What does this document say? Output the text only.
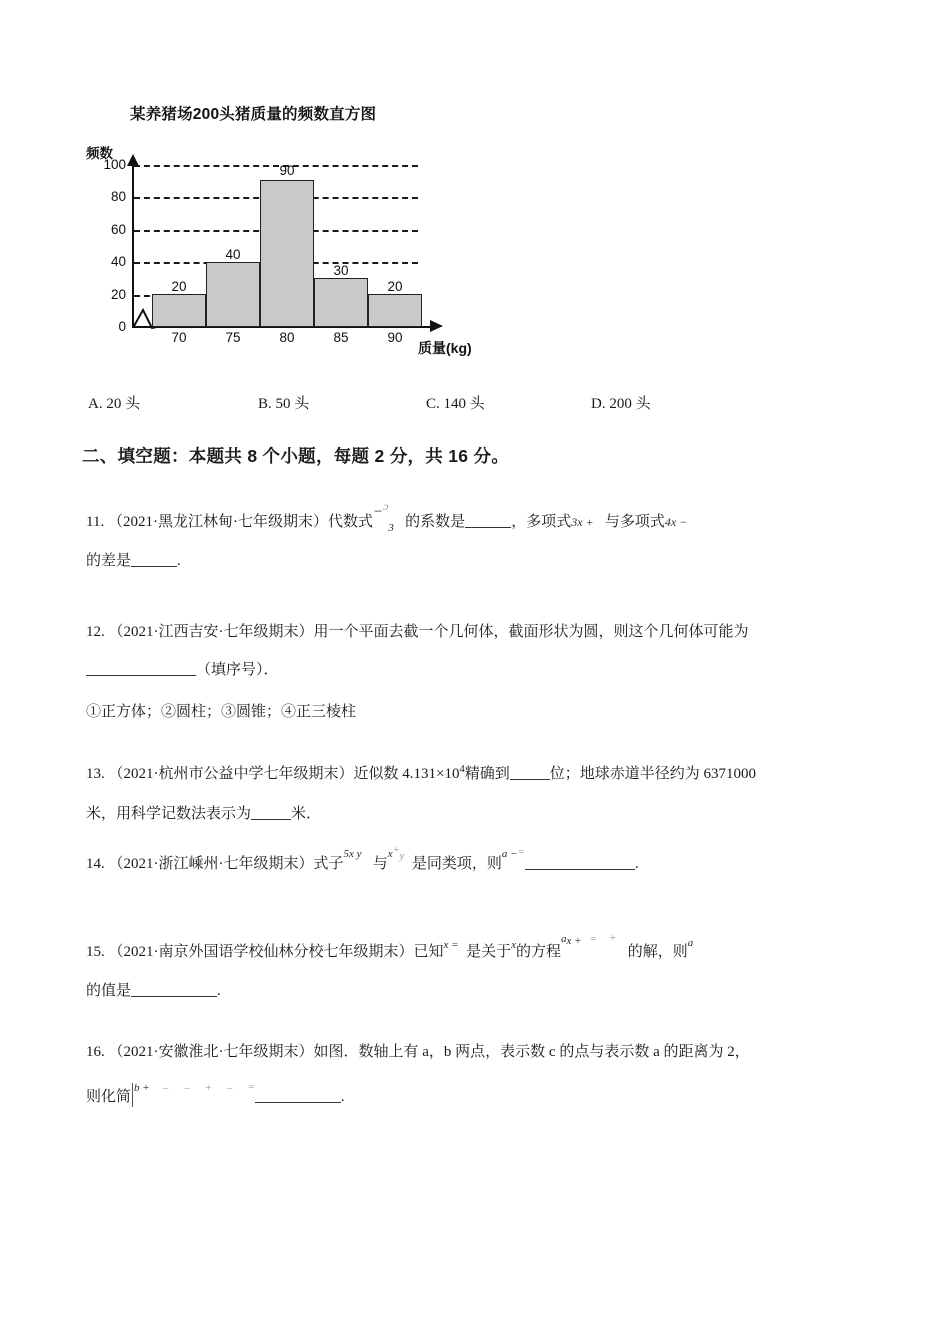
某养猪场200头猪质量的频数直方图
频数
质量(kg)
100
80
60
40
20
0
20
40
90
30
20
70	75	80	85	90
A. 20 头	B. 50 头	C. 140 头	D. 200 头
二、填空题：本题共 8 个小题，每题 2 分，共 16 分。
11. （2021·黑龙江林甸·七年级期末）代数式−$^ɔ_3$ 的系数是	，多项式3x + 与多项式4x −
的差是	.
12. （2021·江西吉安·七年级期末）用一个平面去截一个几何体，截面形状为圆，则这个几何体可能为
（填序号）．
①正方体；②圆柱；③圆锥；④正三棱柱
13. （2021·杭州市公益中学七年级期末）近似数 $4.131\times 10^4$精确到	位；地球赤道半径约为 6371000
米，用科学记数法表示为	米．
14. （2021·浙江嵊州·七年级期末）式子$^{5x y}$   与$^{x+y}$ 是同类项，则$^{a -=}$.
15. （2021·南京外国语学校仙林分校七年级期末）已知$^{x =}$ 是关于$^x$的方程$^{ax +}$ = +   的解，则$^a$
的值是	.
16. （2021·安徽淮北·七年级期末）如图．数轴上有 a，b 两点，表示数 c 的点与表示数 a 的距离为 2，
则化简$^{b +}$ − − + − =.
